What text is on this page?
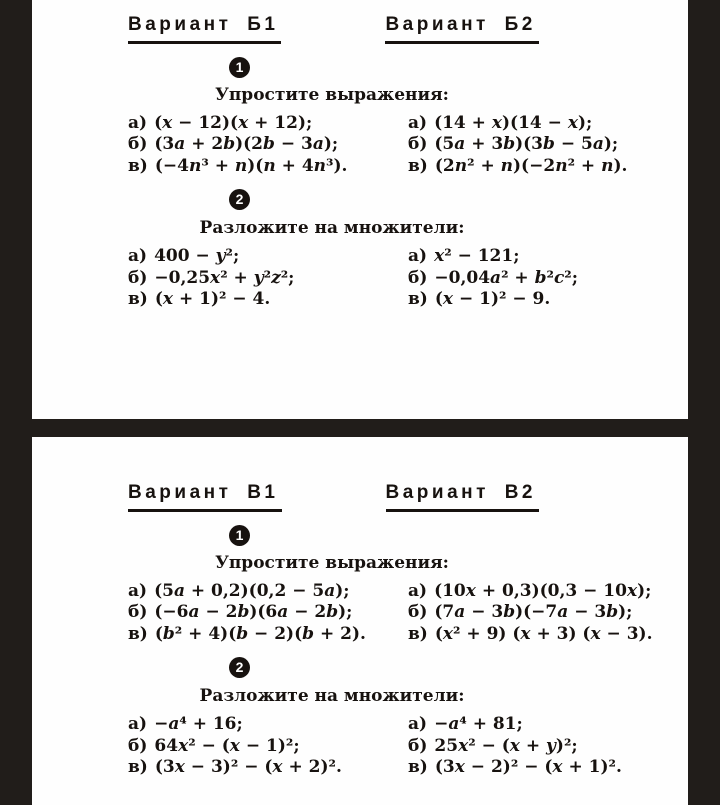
Вариант Б1	Вариант Б2
1

Упростите выражения:

а) (x − 12)(x + 12);
б) (3a + 2b)(2b − 3a);
в) (−4n³ + n)(n + 4n³).
а) (14 + x)(14 − x);
б) (5a + 3b)(3b − 5a);
в) (2n² + n)(−2n² + n).
2

Разложите на множители:

а) 400 − y²;
б) −0,25x² + y²z²;
в) (x + 1)² − 4.
а) x² − 121;
б) −0,04a² + b²c²;
в) (x − 1)² − 9.
Вариант В1	Вариант В2
1

Упростите выражения:

а) (5a + 0,2)(0,2 − 5a);
б) (−6a − 2b)(6a − 2b);
в) (b² + 4)(b − 2)(b + 2).
а) (10x + 0,3)(0,3 − 10x);
б) (7a − 3b)(−7a − 3b);
в) (x² + 9) (x + 3) (x − 3).
2

Разложите на множители:

а) −a⁴ + 16;
б) 64x² − (x − 1)²;
в) (3x − 3)² − (x + 2)².
а) −a⁴ + 81;
б) 25x² − (x + y)²;
в) (3x − 2)² − (x + 1)².
